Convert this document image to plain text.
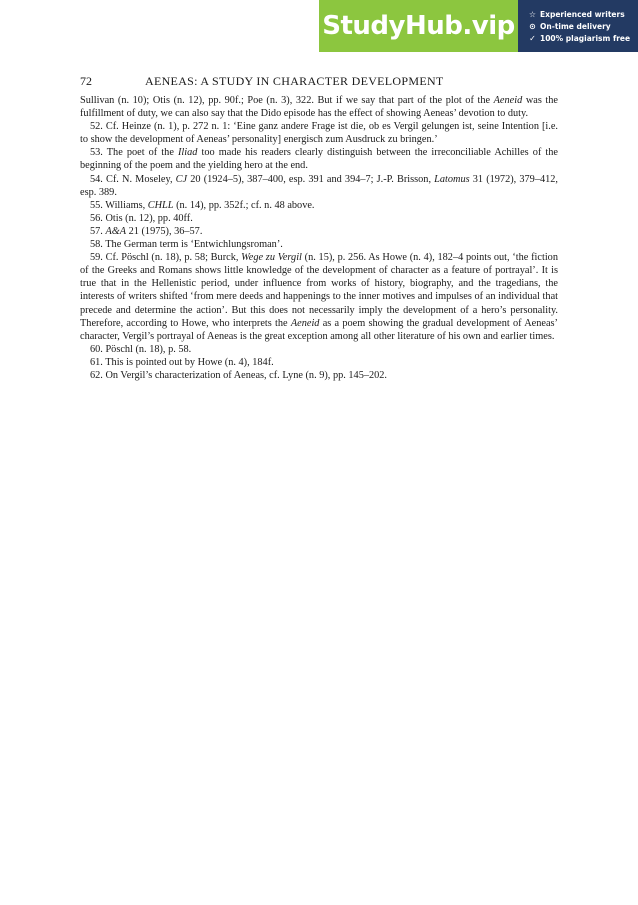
StudyHub.vip ☆ Experienced writers
⊙ On-time delivery
✓ 100% plagiarism free
72	AENEAS: A STUDY IN CHARACTER DEVELOPMENT

Sullivan (n. 10); Otis (n. 12), pp. 90f.; Poe (n. 3), 322. But if we say that part of the plot of the Aeneid was the fulfillment of duty, we can also say that the Dido episode has the effect of showing Aeneas’ devotion to duty.

52. Cf. Heinze (n. 1), p. 272 n. 1: ‘Eine ganz andere Frage ist die, ob es Vergil gelungen ist, seine Intention [i.e. to show the development of Aeneas’ personality] energisch zum Ausdruck zu bringen.’

53. The poet of the Iliad too made his readers clearly distinguish between the irreconciliable Achilles of the beginning of the poem and the yielding hero at the end.

54. Cf. N. Moseley, CJ 20 (1924–5), 387–400, esp. 391 and 394–7; J.-P. Brisson, Latomus 31 (1972), 379–412, esp. 389.

55. Williams, CHLL (n. 14), pp. 352f.; cf. n. 48 above.

56. Otis (n. 12), pp. 40ff.

57. A&A 21 (1975), 36–57.

58. The German term is ‘Entwichlungsroman’.

59. Cf. Pöschl (n. 18), p. 58; Burck, Wege zu Vergil (n. 15), p. 256. As Howe (n. 4), 182–4 points out, ‘the fiction of the Greeks and Romans shows little knowledge of the development of character as a feature of portrayal’. It is true that in the Hellenistic period, under influence from works of history, biography, and the tragedians, the interests of writers shifted ‘from mere deeds and happenings to the inner motives and impulses of an individual that precede and determine the action’. But this does not necessarily imply the development of a hero’s personality. Therefore, according to Howe, who interprets the Aeneid as a poem showing the gradual development of Aeneas’ character, Vergil’s portrayal of Aeneas is the great exception among all other literature of his own and earlier times.

60. Pöschl (n. 18), p. 58.

61. This is pointed out by Howe (n. 4), 184f.

62. On Vergil’s characterization of Aeneas, cf. Lyne (n. 9), pp. 145–202.
